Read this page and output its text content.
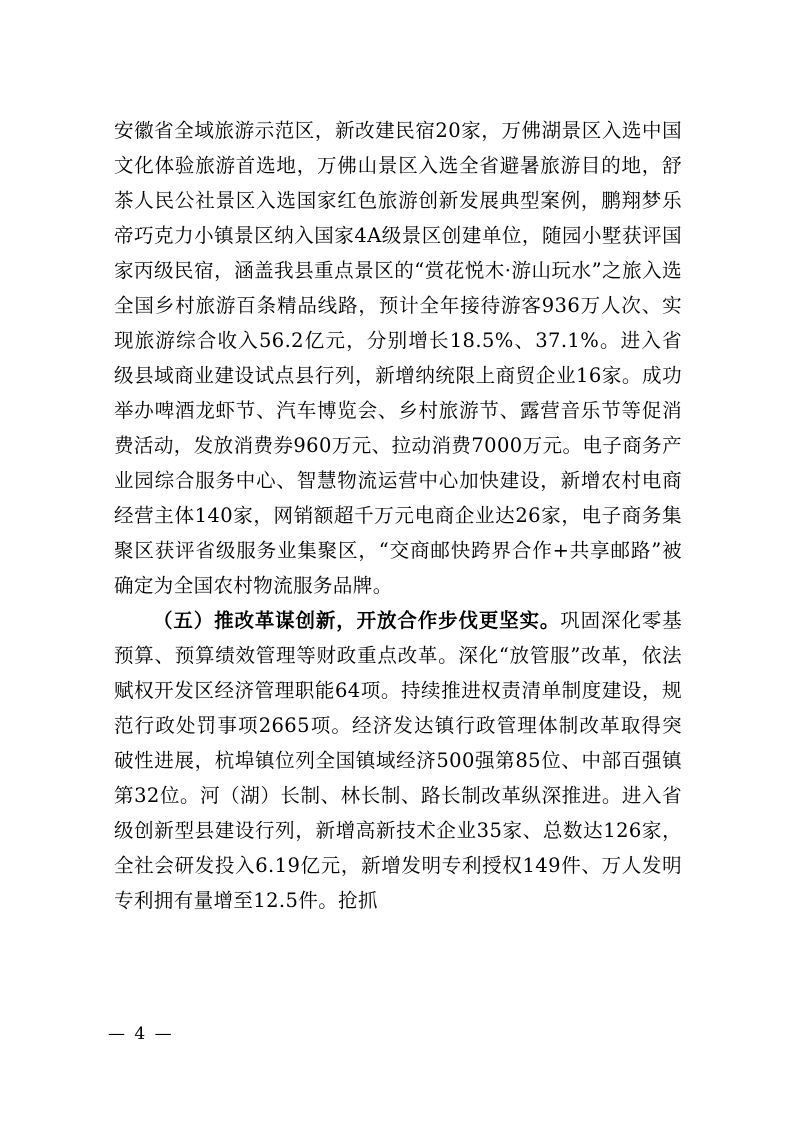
安徽省全域旅游示范区，新改建民宿20家，万佛湖景区入选中国文化体验旅游首选地，万佛山景区入选全省避暑旅游目的地，舒茶人民公社景区入选国家红色旅游创新发展典型案例，鹏翔梦乐帝巧克力小镇景区纳入国家4A级景区创建单位，随园小墅获评国家丙级民宿，涵盖我县重点景区的“赏花悦木·游山玩水”之旅入选全国乡村旅游百条精品线路，预计全年接待游客936万人次、实现旅游综合收入56.2亿元，分别增长18.5%、37.1%。进入省级县域商业建设试点县行列，新增纳统限上商贸企业16家。成功举办啤酒龙虾节、汽车博览会、乡村旅游节、露营音乐节等促消费活动，发放消费券960万元、拉动消费7000万元。电子商务产业园综合服务中心、智慧物流运营中心加快建设，新增农村电商经营主体140家，网销额超千万元电商企业达26家，电子商务集聚区获评省级服务业集聚区，“交商邮快跨界合作+共享邮路”被确定为全国农村物流服务品牌。

（五）推改革谋创新，开放合作步伐更坚实。巩固深化零基预算、预算绩效管理等财政重点改革。深化“放管服”改革，依法赋权开发区经济管理职能64项。持续推进权责清单制度建设，规范行政处罚事项2665项。经济发达镇行政管理体制改革取得突破性进展，杭埠镇位列全国镇域经济500强第85位、中部百强镇第32位。河（湖）长制、林长制、路长制改革纵深推进。进入省级创新型县建设行列，新增高新技术企业35家、总数达126家，全社会研发投入6.19亿元，新增发明专利授权149件、万人发明专利拥有量增至12.5件。抢抓

— 4 —
